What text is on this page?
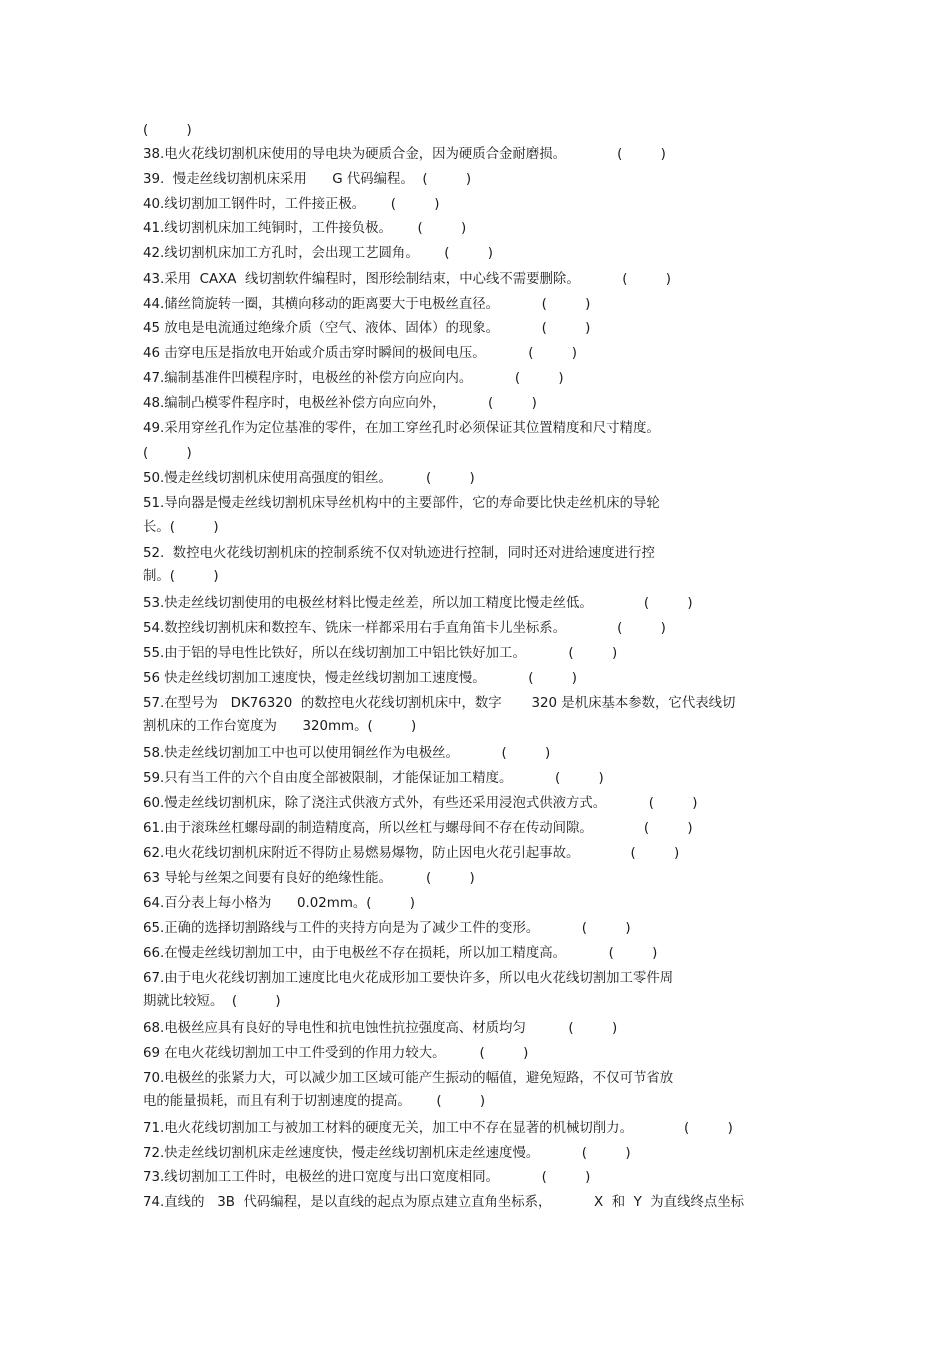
(         )
38.电火花线切割机床使用的导电块为硬质合金，因为硬质合金耐磨损。            (         )
39.  慢走丝线切割机床采用      G 代码编程。  (         )
40.线切割加工钢件时，工件接正极。      (         )
41.线切割机床加工纯铜时，工件接负极。      (         )
42.线切割机床加工方孔时，会出现工艺圆角。      (         )
43.采用  CAXA  线切割软件编程时，图形绘制结束，中心线不需要删除。          (         )
44.储丝筒旋转一圈，其横向移动的距离要大于电极丝直径。          (         )
45 放电是电流通过绝缘介质（空气、液体、固体）的现象。          (         )
46 击穿电压是指放电开始或介质击穿时瞬间的极间电压。          (         )
47.编制基准件凹模程序时，电极丝的补偿方向应向内。          (         )
48.编制凸模零件程序时，电极丝补偿方向应向外，          (         )
49.采用穿丝孔作为定位基准的零件，在加工穿丝孔时必须保证其位置精度和尺寸精度。
(         )
50.慢走丝线切割机床使用高强度的钼丝。        (         )
51.导向器是慢走丝线切割机床导丝机构中的主要部件，它的寿命要比快走丝机床的导轮
长。(         )
52.  数控电火花线切割机床的控制系统不仅对轨迹进行控制，同时还对进给速度进行控
制。(         )
53.快走丝线切割使用的电极丝材料比慢走丝差，所以加工精度比慢走丝低。            (         )
54.数控线切割机床和数控车、铣床一样都采用右手直角笛卡儿坐标系。            (         )
55.由于铝的导电性比铁好，所以在线切割加工中铝比铁好加工。          (         )
56 快走丝线切割加工速度快，慢走丝线切割加工速度慢。          (         )
57.在型号为   DK76320  的数控电火花线切割机床中，数字       320 是机床基本参数，它代表线切
割机床的工作台宽度为      320mm。(         )
58.快走丝线切割加工中也可以使用铜丝作为电极丝。          (         )
59.只有当工件的六个自由度全部被限制，才能保证加工精度。          (         )
60.慢走丝线切割机床，除了浇注式供液方式外，有些还采用浸泡式供液方式。          (         )
61.由于滚珠丝杠螺母副的制造精度高，所以丝杠与螺母间不存在传动间隙。            (         )
62.电火花线切割机床附近不得防止易燃易爆物，防止因电火花引起事故。            (         )
63 导轮与丝架之间要有良好的绝缘性能。        (         )
64.百分表上每小格为      0.02mm。(         )
65.正确的选择切割路线与工件的夹持方向是为了减少工件的变形。          (         )
66.在慢走丝线切割加工中，由于电极丝不存在损耗，所以加工精度高。          (         )
67.由于电火花线切割加工速度比电火花成形加工要快许多，所以电火花线切割加工零件周
期就比较短。  (         )
68.电极丝应具有良好的导电性和抗电蚀性抗拉强度高、材质均匀          (         )
69 在电火花线切割加工中工件受到的作用力较大。        (         )
70.电极丝的张紧力大，可以减少加工区域可能产生振动的幅值，避免短路，不仅可节省放
电的能量损耗，而且有利于切割速度的提高。      (         )
71.电火花线切割加工与被加工材料的硬度无关，加工中不存在显著的机械切削力。            (         )
72.快走丝线切割机床走丝速度快，慢走丝线切割机床走丝速度慢。          (         )
73.线切割加工工件时，电极丝的进口宽度与出口宽度相同。          (         )
74.直线的   3B  代码编程，是以直线的起点为原点建立直角坐标系，          X  和  Y  为直线终点坐标
